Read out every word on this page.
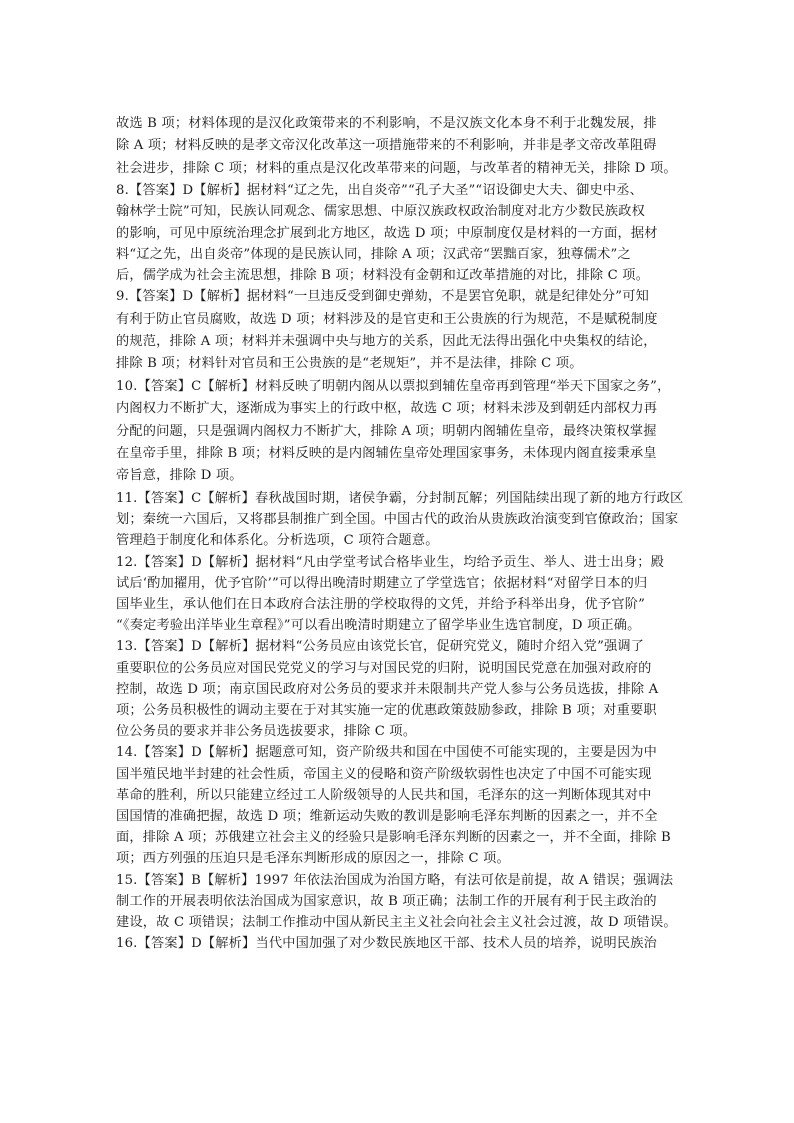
故选 B 项；材料体现的是汉化政策带来的不利影响，不是汉族文化本身不利于北魏发展，排
除 A 项；材料反映的是孝文帝汉化改革这一项措施带来的不利影响，并非是孝文帝改革阻碍
社会进步，排除 C 项；材料的重点是汉化改革带来的问题，与改革者的精神无关，排除 D 项。
8.【答案】D【解析】据材料“辽之先，出自炎帝”“孔子大圣”“诏设御史大夫、御史中丞、
翰林学士院”可知，民族认同观念、儒家思想、中原汉族政权政治制度对北方少数民族政权
的影响，可见中原统治理念扩展到北方地区，故选 D 项；中原制度仅是材料的一方面，据材
料“辽之先，出自炎帝”体现的是民族认同，排除 A 项；汉武帝“罢黜百家，独尊儒术”之
后，儒学成为社会主流思想，排除 B 项；材料没有金朝和辽改革措施的对比，排除 C 项。
9.【答案】D【解析】据材料“一旦违反受到御史弹劾，不是罢官免职，就是纪律处分”可知
有利于防止官员腐败，故选 D 项；材料涉及的是官吏和王公贵族的行为规范，不是赋税制度
的规范，排除 A 项；材料并未强调中央与地方的关系，因此无法得出强化中央集权的结论，
排除 B 项；材料针对官员和王公贵族的是“老规矩”，并不是法律，排除 C 项。
10.【答案】C【解析】材料反映了明朝内阁从以票拟到辅佐皇帝再到管理“举天下国家之务”，
内阁权力不断扩大，逐渐成为事实上的行政中枢，故选 C 项；材料未涉及到朝廷内部权力再
分配的问题，只是强调内阁权力不断扩大，排除 A 项；明朝内阁辅佐皇帝，最终决策权掌握
在皇帝手里，排除 B 项；材料反映的是内阁辅佐皇帝处理国家事务，未体现内阁直接秉承皇
帝旨意，排除 D 项。
11.【答案】C【解析】春秋战国时期，诸侯争霸，分封制瓦解；列国陆续出现了新的地方行政区
划；秦统一六国后，又将郡县制推广到全国。中国古代的政治从贵族政治演变到官僚政治；国家
管理趋于制度化和体系化。分析选项，C 项符合题意。
12.【答案】D【解析】据材料“凡由学堂考试合格毕业生，均给予贡生、举人、进士出身；殿
试后‘酌加擢用，优予官阶’”可以得出晚清时期建立了学堂选官；依据材料“对留学日本的归
国毕业生，承认他们在日本政府合法注册的学校取得的文凭，并给予科举出身，优予官阶”
“《奏定考验出洋毕业生章程》”可以看出晚清时期建立了留学毕业生选官制度，D 项正确。
13.【答案】D【解析】据材料“公务员应由该党长官，促研究党义，随时介绍入党”强调了
重要职位的公务员应对国民党党义的学习与对国民党的归附，说明国民党意在加强对政府的
控制，故选 D 项；南京国民政府对公务员的要求并未限制共产党人参与公务员选拔，排除 A
项；公务员积极性的调动主要在于对其实施一定的优惠政策鼓励参政，排除 B 项；对重要职
位公务员的要求并非公务员选拔要求，排除 C 项。
14.【答案】D【解析】据题意可知，资产阶级共和国在中国使不可能实现的，主要是因为中
国半殖民地半封建的社会性质，帝国主义的侵略和资产阶级软弱性也决定了中国不可能实现
革命的胜利，所以只能建立经过工人阶级领导的人民共和国，毛泽东的这一判断体现其对中
国国情的准确把握，故选 D 项；维新运动失败的教训是影响毛泽东判断的因素之一，并不全
面，排除 A 项；苏俄建立社会主义的经验只是影响毛泽东判断的因素之一，并不全面，排除 B
项；西方列强的压迫只是毛泽东判断形成的原因之一，排除 C 项。
15.【答案】B【解析】1997 年依法治国成为治国方略，有法可依是前提，故 A 错误；强调法
制工作的开展表明依法治国成为国家意识，故 B 项正确；法制工作的开展有利于民主政治的
建设，故 C 项错误；法制工作推动中国从新民主主义社会向社会主义社会过渡，故 D 项错误。
16.【答案】D【解析】当代中国加强了对少数民族地区干部、技术人员的培养，说明民族治
